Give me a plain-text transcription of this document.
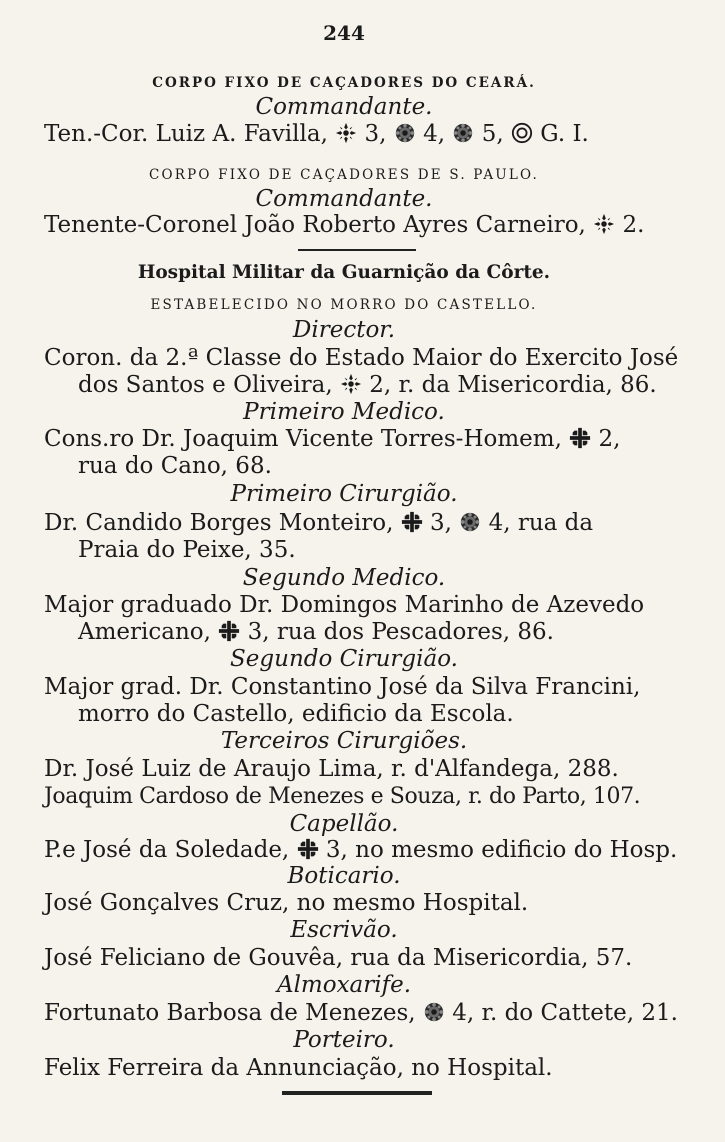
244
CORPO FIXO DE CAÇADORES DO CEARÁ.
Commandante.
Ten.-Cor. Luiz A. Favilla, 3, 4, 5, G. I.
CORPO FIXO DE CAÇADORES DE S. PAULO.
Commandante.
Tenente-Coronel João Roberto Ayres Carneiro, 2.
Hospital Militar da Guarnição da Côrte.
ESTABELECIDO NO MORRO DO CASTELLO.
Director.
Coron. da 2.ª Classe do Estado Maior do Exercito José
dos Santos e Oliveira, 2, r. da Misericordia, 86.
Primeiro Medico.
Cons.ro Dr. Joaquim Vicente Torres-Homem, 2,
rua do Cano, 68.
Primeiro Cirurgião.
Dr. Candido Borges Monteiro, 3, 4, rua da
Praia do Peixe, 35.
Segundo Medico.
Major graduado Dr. Domingos Marinho de Azevedo
Americano, 3, rua dos Pescadores, 86.
Segundo Cirurgião.
Major grad. Dr. Constantino José da Silva Francini,
morro do Castello, edificio da Escola.
Terceiros Cirurgiões.
Dr. José Luiz de Araujo Lima, r. d'Alfandega, 288.
Joaquim Cardoso de Menezes e Souza, r. do Parto, 107.
Capellão.
P.e José da Soledade, 3, no mesmo edificio do Hosp.
Boticario.
José Gonçalves Cruz, no mesmo Hospital.
Escrivão.
José Feliciano de Gouvêa, rua da Misericordia, 57.
Almoxarife.
Fortunato Barbosa de Menezes, 4, r. do Cattete, 21.
Porteiro.
Felix Ferreira da Annunciação, no Hospital.
